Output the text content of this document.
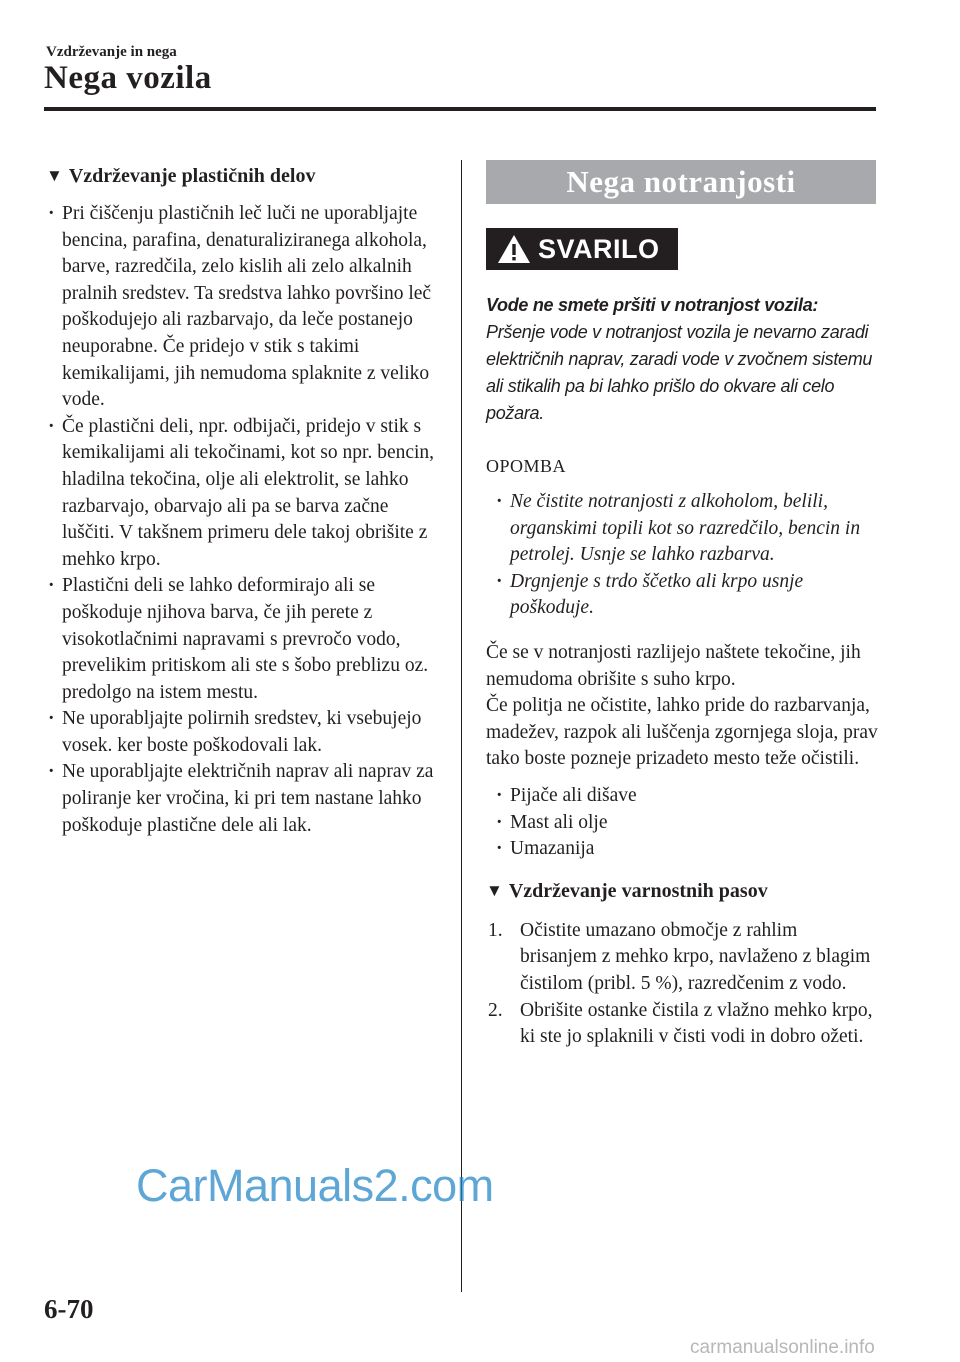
Vzdrževanje in nega
Nega vozila
▼ Vzdrževanje plastičnih delov
· Pri čiščenju plastičnih leč luči ne uporabljajte bencina, parafina, denaturaliziranega alkohola, barve, razredčila, zelo kislih ali zelo alkalnih pralnih sredstev. Ta sredstva lahko površino leč poškodujejo ali razbarvajo, da leče postanejo neuporabne. Če pridejo v stik s takimi kemikalijami, jih nemudoma splaknite z veliko vode.
· Če plastični deli, npr. odbijači, pridejo v stik s kemikalijami ali tekočinami, kot so npr. bencin, hladilna tekočina, olje ali elektrolit, se lahko razbarvajo, obarvajo ali pa se barva začne luščiti. V takšnem primeru dele takoj obrišite z mehko krpo.
· Plastični deli se lahko deformirajo ali se poškoduje njihova barva, če jih perete z visokotlačnimi napravami s prevročo vodo, prevelikim pritiskom ali ste s šobo preblizu oz. predolgo na istem mestu.
· Ne uporabljajte polirnih sredstev, ki vsebujejo vosek. ker boste poškodovali lak.
· Ne uporabljajte električnih naprav ali naprav za poliranje ker vročina, ki pri tem nastane lahko poškoduje plastične dele ali lak.
Nega notranjosti
SVARILO
Vode ne smete pršiti v notranjost vozila:
Pršenje vode v notranjost vozila je nevarno zaradi električnih naprav, zaradi vode v zvočnem sistemu ali stikalih pa bi lahko prišlo do okvare ali celo požara.
OPOMBA
· Ne čistite notranjosti z alkoholom, belili, organskimi topili kot so razredčilo, bencin in petrolej. Usnje se lahko razbarva.
· Drgnjenje s trdo ščetko ali krpo usnje poškoduje.

Če se v notranjosti razlijejo naštete tekočine, jih nemudoma obrišite s suho krpo.

Če politja ne očistite, lahko pride do razbarvanja, madežev, razpok ali luščenja zgornjega sloja, prav tako boste pozneje prizadeto mesto teže očistili.

· Pijače ali dišave
· Mast ali olje
· Umazanija
▼ Vzdrževanje varnostnih pasov
1. Očistite umazano območje z rahlim brisanjem z mehko krpo, navlaženo z blagim čistilom (pribl. 5 %), razredčenim z vodo.
2. Obrišite ostanke čistila z vlažno mehko krpo, ki ste jo splaknili v čisti vodi in dobro ožeti.
6-70
CarManuals2.com
carmanualsonline.info
